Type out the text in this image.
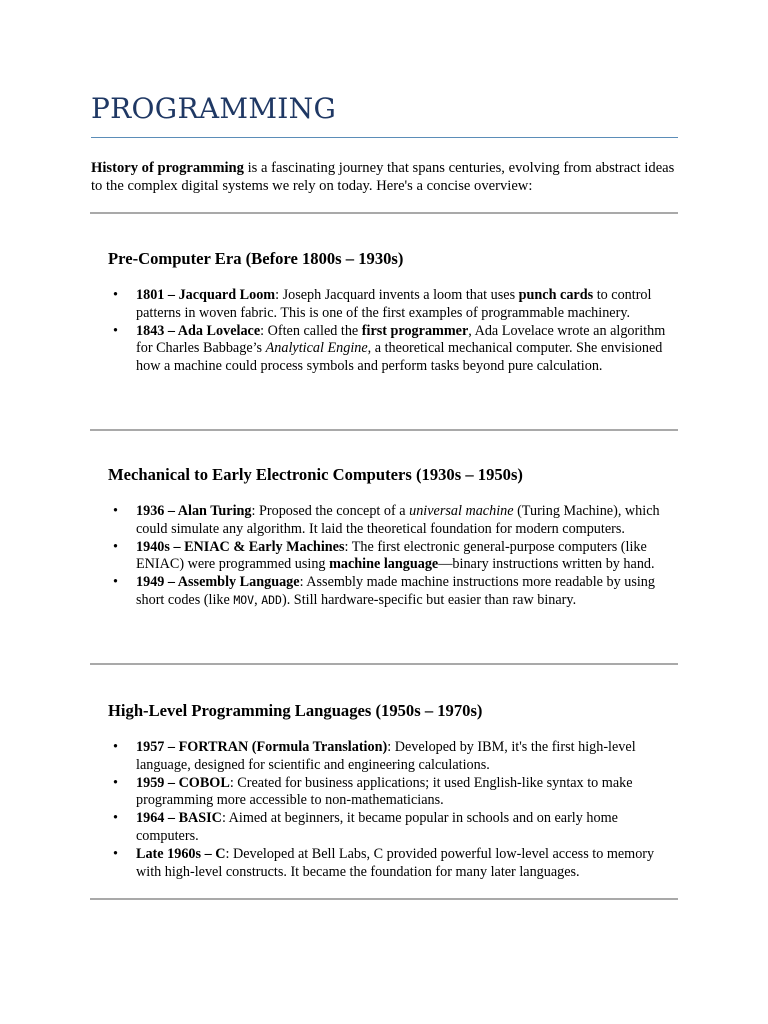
PROGRAMMING

History of programming is a fascinating journey that spans centuries, evolving from abstract ideas to the complex digital systems we rely on today. Here's a concise overview:

Pre-Computer Era (Before 1800s – 1930s)
• 1801 – Jacquard Loom: Joseph Jacquard invents a loom that uses punch cards to control patterns in woven fabric. This is one of the first examples of programmable machinery.
• 1843 – Ada Lovelace: Often called the first programmer, Ada Lovelace wrote an algorithm for Charles Babbage’s Analytical Engine, a theoretical mechanical computer. She envisioned how a machine could process symbols and perform tasks beyond pure calculation.
Mechanical to Early Electronic Computers (1930s – 1950s)
• 1936 – Alan Turing: Proposed the concept of a universal machine (Turing Machine), which could simulate any algorithm. It laid the theoretical foundation for modern computers.
• 1940s – ENIAC & Early Machines: The first electronic general-purpose computers (like ENIAC) were programmed using machine language—binary instructions written by hand.
• 1949 – Assembly Language: Assembly made machine instructions more readable by using short codes (like MOV, ADD). Still hardware-specific but easier than raw binary.
High-Level Programming Languages (1950s – 1970s)
• 1957 – FORTRAN (Formula Translation): Developed by IBM, it's the first high-level language, designed for scientific and engineering calculations.
• 1959 – COBOL: Created for business applications; it used English-like syntax to make programming more accessible to non-mathematicians.
• 1964 – BASIC: Aimed at beginners, it became popular in schools and on early home computers.
• Late 1960s – C: Developed at Bell Labs, C provided powerful low-level access to memory with high-level constructs. It became the foundation for many later languages.
